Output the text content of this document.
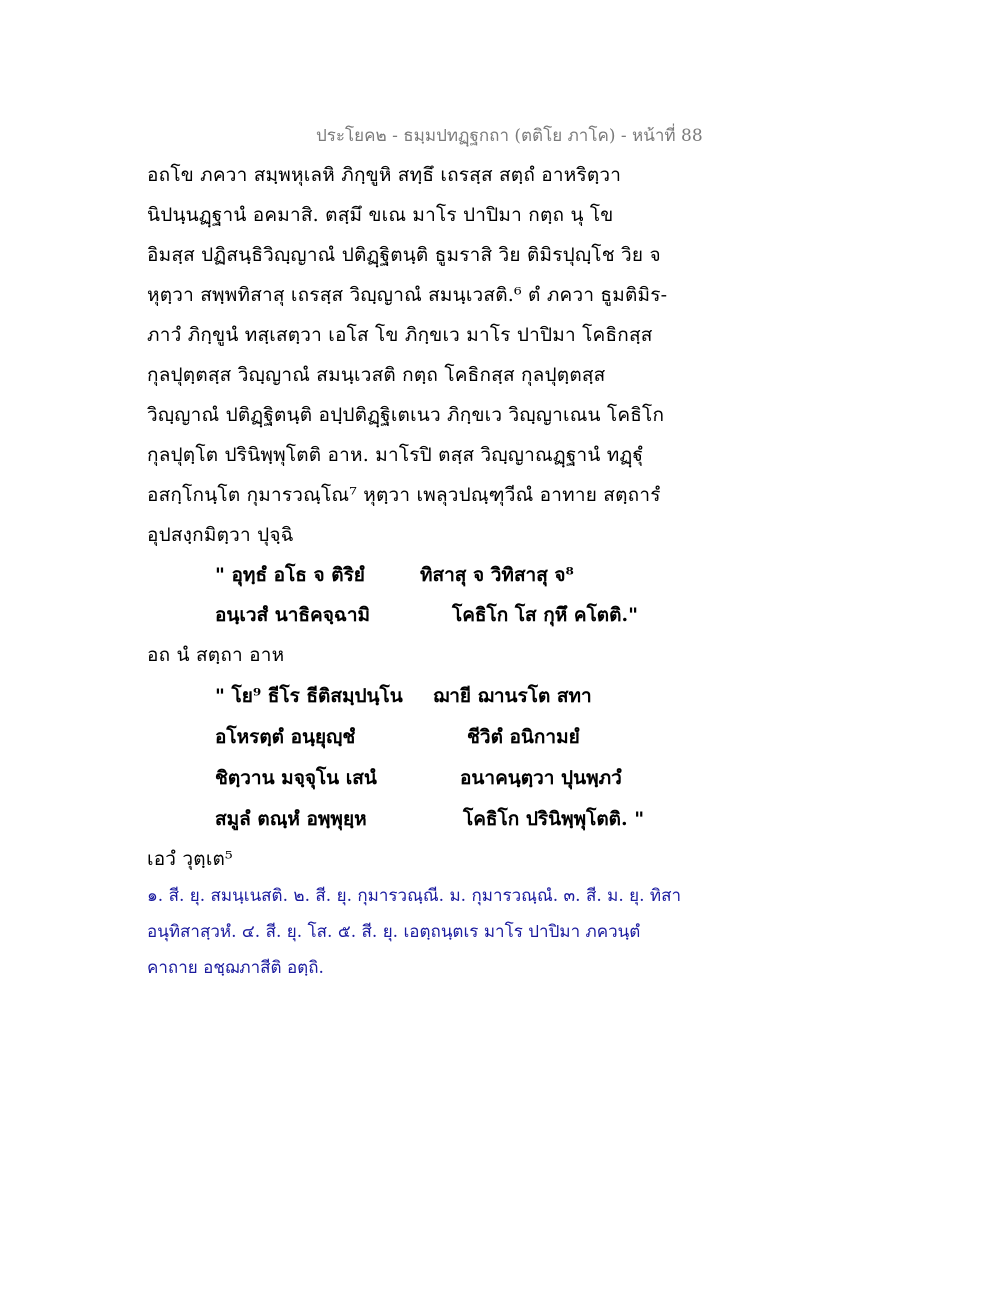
ประโยค๒ - ธมฺมปทฏฺฐกถา (ตติโย ภาโค) - หน้าที่ 88
อถโข ภควา สมฺพหุเลหิ ภิกฺขูหิ สทฺธึ เถรสฺส สตฺถํ อาหริตฺวา
นิปนฺนฏฺฐานํ อคมาสิ. ตสฺมึ ขเณ มาโร ปาปิมา กตฺถ นุ โข
อิมสฺส ปฏิสนฺธิวิญฺญาณํ ปติฏฺฐิตนฺติ ธูมราสิ วิย ติมิรปุญฺโช วิย จ
หุตฺวา สพฺพทิสาสุ เถรสฺส วิญฺญาณํ สมนฺเวสติ.⁶ ตํ ภควา ธูมติมิร-
ภาวํ ภิกฺขูนํ ทสฺเสตฺวา เอโส โข ภิกฺขเว มาโร ปาปิมา โคธิกสฺส
กุลปุตฺตสฺส วิญฺญาณํ สมนฺเวสติ กตฺถ โคธิกสฺส กุลปุตฺตสฺส
วิญฺญาณํ ปติฏฺฐิตนฺติ อปฺปติฏฺฐิเตเนว ภิกฺขเว วิญฺญาเณน โคธิโก
กุลปุตฺโต ปรินิพฺพุโตติ อาห. มาโรปิ ตสฺส วิญฺญาณฏฺฐานํ ทฏฺฐุํ
อสกฺโกนฺโต กุมารวณฺโณ⁷ หุตฺวา เพลุวปณฺฑุวีณํ อาทาย สตฺถารํ
อุปสงฺกมิตฺวา ปุจฺฉิ
" อุทฺธํ อโธ จ ติริยํ	ทิสาสุ จ วิทิสาสุ จ⁸
อนฺเวสํ นาธิคจฺฉามิ	โคธิโก โส กุหึ คโตติ."
อถ นํ สตฺถา อาห
" โย⁹ ธีโร ธีติสมฺปนฺโน ฌายี ฌานรโต สทา
อโหรตฺตํ อนฺยุญฺชํ	ชีวิตํ อนิกามยํ
ชิตฺวาน มจฺจุโน เสนํ	อนาคนฺตฺวา ปุนพฺภวํ
สมูลํ ตณฺหํ อพฺพุยฺห	โคธิโก ปรินิพฺพุโตติ. "
เอวํ วุตฺเต⁵
๑. สี. ยุ. สมนฺเนสติ. ๒. สี. ยุ. กุมารวณฺณี. ม. กุมารวณฺณํ. ๓. สี. ม. ยุ. ทิสา
อนุทิสาสฺวหํ. ๔. สี. ยุ. โส. ๕. สี. ยุ. เอตฺถนฺตเร มาโร ปาปิมา ภควนฺตํ
คาถาย อชฺฌภาสีติ อตฺถิ.
